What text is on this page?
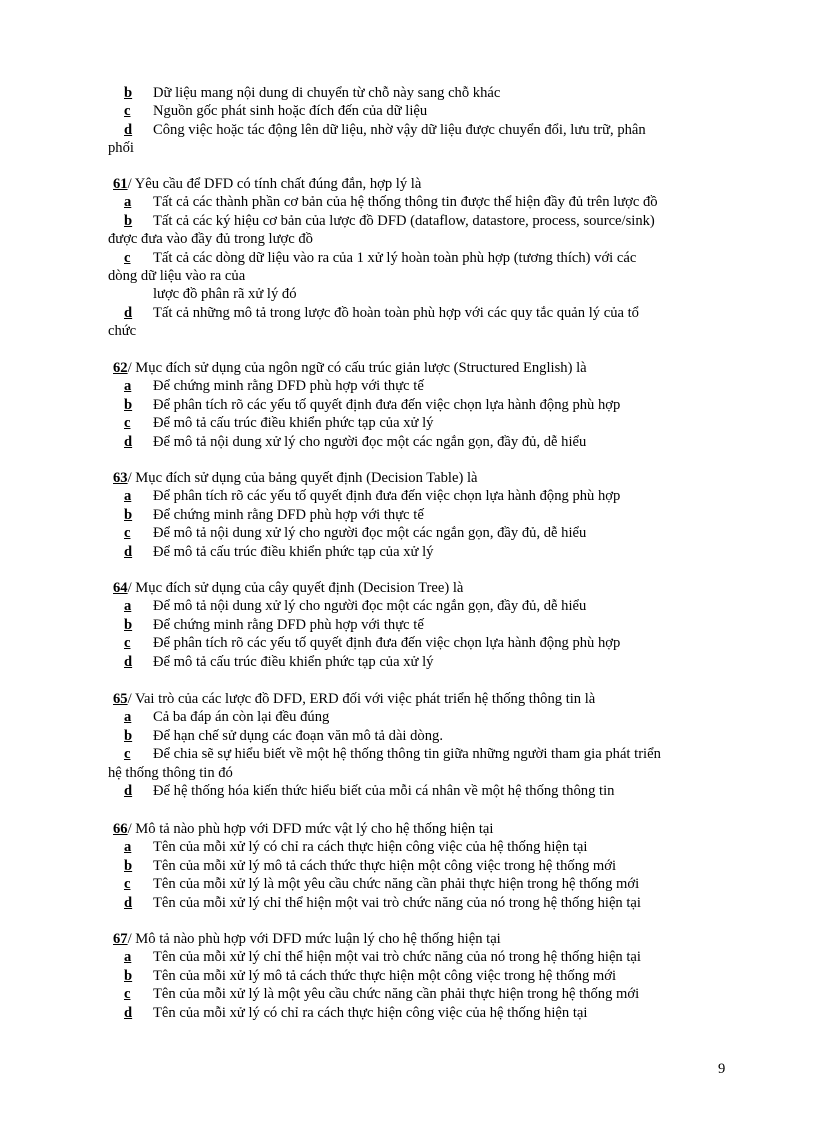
b Dữ liệu mang nội dung di chuyển từ chỗ này sang chỗ khác
c Nguồn gốc phát sinh hoặc đích đến của dữ liệu
d Công việc hoặc tác động lên dữ liệu, nhờ vậy dữ liệu được chuyển đổi, lưu trữ, phân
phối
61/ Yêu cầu để DFD có tính chất đúng đắn, hợp lý là
a Tất cả các thành phần cơ bản của hệ thống thông tin được thể hiện đầy đủ trên lược đồ
b Tất cả các ký hiệu cơ bản của lược đồ DFD (dataflow, datastore, process, source/sink)
được đưa vào đầy đủ trong lược đồ
c Tất cả các dòng dữ liệu vào ra của 1 xử lý hoàn toàn phù hợp (tương thích) với các
dòng dữ liệu vào ra của
lược đồ phân rã xử lý đó
d Tất cả những mô tả trong lược đồ hoàn toàn phù hợp với các quy tắc quản lý của tổ
chức
62/ Mục đích sử dụng của ngôn ngữ có cấu trúc giản lược (Structured English) là
a Để chứng minh rằng DFD phù hợp với thực tế
b Để phân tích rõ các yếu tố quyết định đưa đến việc chọn lựa hành động phù hợp
c Để mô tả cấu trúc điều khiển phức tạp của xử lý
d Để mô tả nội dung xử lý cho người đọc một các ngắn gọn, đầy đủ, dễ hiểu
63/ Mục đích sử dụng của bảng quyết định (Decision Table) là
a Để phân tích rõ các yếu tố quyết định đưa đến việc chọn lựa hành động phù hợp
b Để chứng minh rằng DFD phù hợp với thực tế
c Để mô tả nội dung xử lý cho người đọc một các ngắn gọn, đầy đủ, dễ hiểu
d Để mô tả cấu trúc điều khiển phức tạp của xử lý
64/ Mục đích sử dụng của cây quyết định (Decision Tree) là
a Để mô tả nội dung xử lý cho người đọc một các ngắn gọn, đầy đủ, dễ hiểu
b Để chứng minh rằng DFD phù hợp với thực tế
c Để phân tích rõ các yếu tố quyết định đưa đến việc chọn lựa hành động phù hợp
d Để mô tả cấu trúc điều khiển phức tạp của xử lý
65/ Vai trò của các lược đồ DFD, ERD đối với việc phát triển hệ thống thông tin là
a Cả ba đáp án còn lại đều đúng
b Để hạn chế sử dụng các đoạn văn mô tả dài dòng.
c Để chia sẽ sự hiểu biết về một hệ thống thông tin giữa những người tham gia phát triển
hệ thống thông tin đó
d Để hệ thống hóa kiến thức hiểu biết của mỗi cá nhân về một hệ thống thông tin
66/ Mô tả nào phù hợp với DFD mức vật lý cho hệ thống hiện tại
a Tên của mỗi xử lý có chỉ ra cách thực hiện công việc của hệ thống hiện tại
b Tên của mỗi xử lý mô tả cách thức thực hiện một công việc trong hệ thống mới
c Tên của mỗi xử lý là một yêu cầu chức năng cần phải thực hiện trong hệ thống mới
d Tên của mỗi xử lý chỉ thể hiện một vai trò chức năng của nó trong hệ thống hiện tại
67/ Mô tả nào phù hợp với DFD mức luận lý cho hệ thống hiện tại
a Tên của mỗi xử lý chỉ thể hiện một vai trò chức năng của nó trong hệ thống hiện tại
b Tên của mỗi xử lý mô tả cách thức thực hiện một công việc trong hệ thống mới
c Tên của mỗi xử lý là một yêu cầu chức năng cần phải thực hiện trong hệ thống mới
d Tên của mỗi xử lý có chỉ ra cách thực hiện công việc của hệ thống hiện tại
9
